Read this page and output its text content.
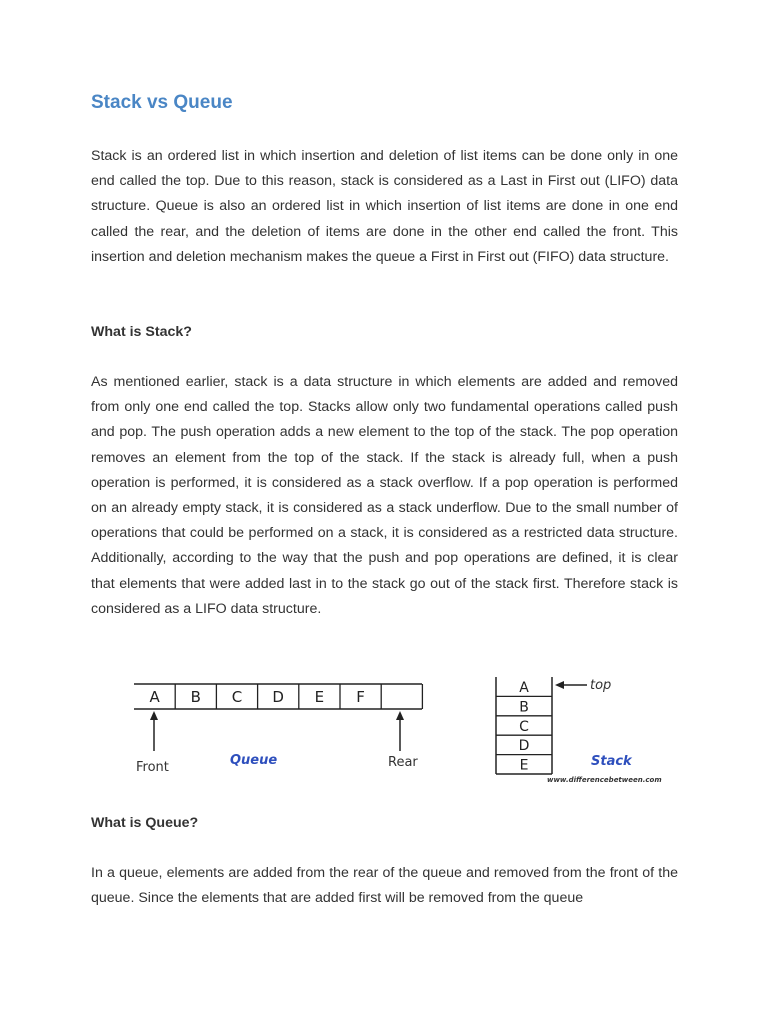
Stack vs Queue

Stack is an ordered list in which insertion and deletion of list items can be done only in one end called the top. Due to this reason, stack is considered as a Last in First out (LIFO) data structure. Queue is also an ordered list in which insertion of list items are done in one end called the rear, and the deletion of items are done in the other end called the front. This insertion and deletion mechanism makes the queue a First in First out (FIFO) data structure.

What is Stack?

As mentioned earlier, stack is a data structure in which elements are added and removed from only one end called the top. Stacks allow only two fundamental operations called push and pop. The push operation adds a new element to the top of the stack. The pop operation removes an element from the top of the stack. If the stack is already full, when a push operation is performed, it is considered as a stack overflow. If a pop operation is performed on an already empty stack, it is considered as a stack underflow. Due to the small number of operations that could be performed on a stack, it is considered as a restricted data structure. Additionally, according to the way that the push and pop operations are defined, it is clear that elements that were added last in to the stack go out of the stack first. Therefore stack is considered as a LIFO data structure.

What is Queue?

In a queue, elements are added from the rear of the queue and removed from the front of the queue. Since the elements that are added first will be removed from the queue

A B C D E F
Front	Queue	Rear
A
B
C
D
E
top
Stack
www.differencebetween.com
